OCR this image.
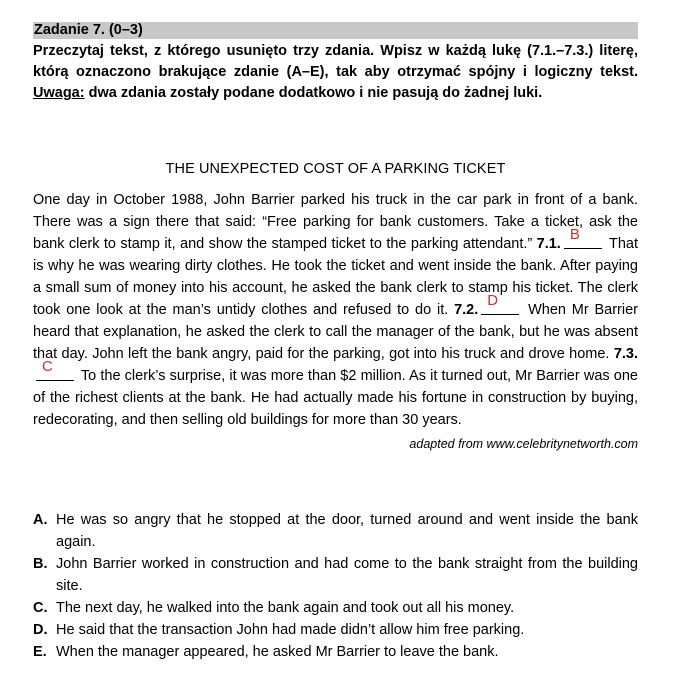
Zadanie 7. (0–3)
Przeczytaj tekst, z którego usunięto trzy zdania. Wpisz w każdą lukę (7.1.–7.3.) literę, którą oznaczono brakujące zdanie (A–E), tak aby otrzymać spójny i logiczny tekst. Uwaga: dwa zdania zostały podane dodatkowo i nie pasują do żadnej luki.
THE UNEXPECTED COST OF A PARKING TICKET
One day in October 1988, John Barrier parked his truck in the car park in front of a bank. There was a sign there that said: “Free parking for bank customers. Take a ticket, ask the bank clerk to stamp it, and show the stamped ticket to the parking attendant.” 7.1.
B
That is why he was wearing dirty clothes. He took the ticket and went inside the bank. After paying a small sum of money into his account, he asked the bank clerk to stamp his ticket. The clerk took one look at the man’s untidy clothes and refused to do it. 7.2.
D
When Mr Barrier heard that explanation, he asked the clerk to call the manager of the bank, but he was absent that day. John left the bank angry, paid for the parking, got into his truck and drove home. 7.3.
C
To the clerk’s surprise, it was more than $2 million. As it turned out, Mr Barrier was one of the richest clients at the bank. He had actually made his fortune in construction by buying, redecorating, and then selling old buildings for more than 30 years.
adapted from www.celebritynetworth.com
A. He was so angry that he stopped at the door, turned around and went inside the bank again.
B. John Barrier worked in construction and had come to the bank straight from the building site.
C. The next day, he walked into the bank again and took out all his money.
D. He said that the transaction John had made didn’t allow him free parking.
E. When the manager appeared, he asked Mr Barrier to leave the bank.
